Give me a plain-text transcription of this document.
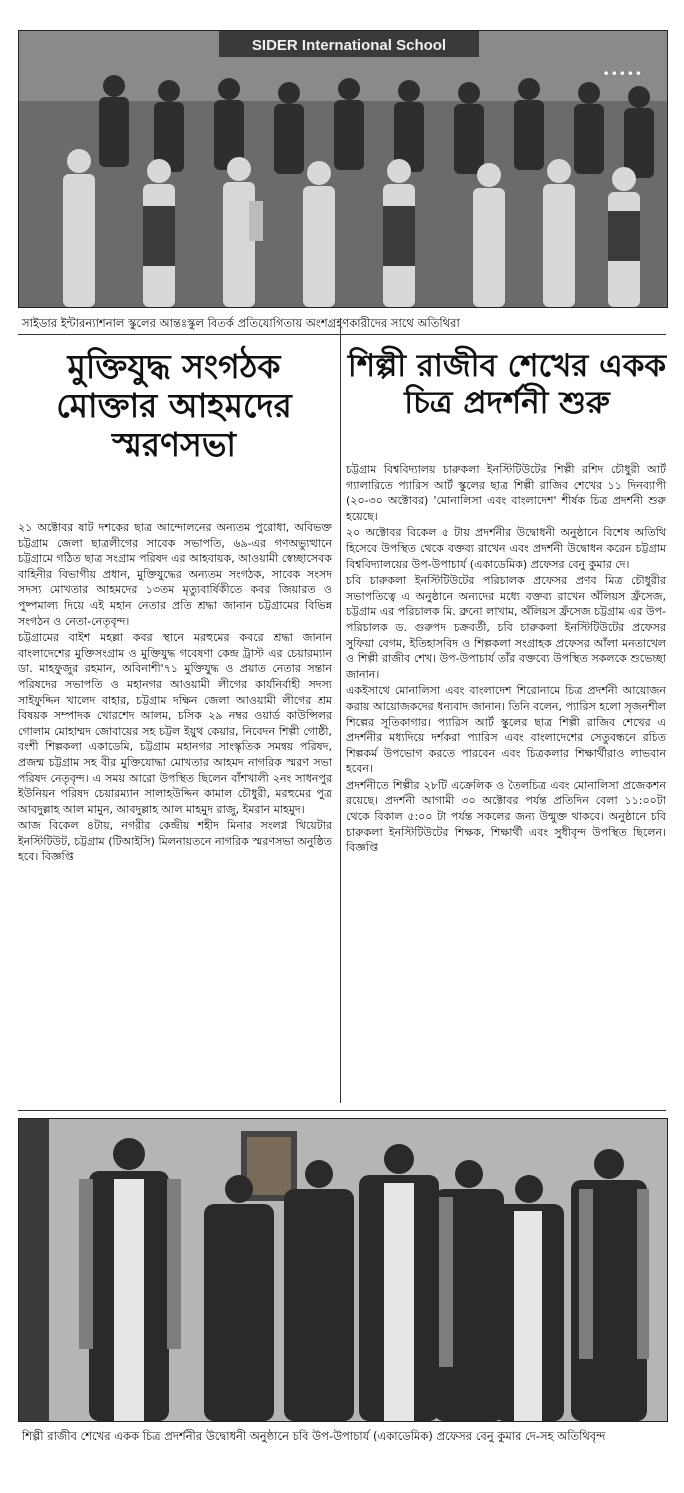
SIDER International School
•••••
সাইডার ইন্টারন্যাশনাল স্কুলের আন্তঃস্কুল বিতর্ক প্রতিযোগিতায় অংশগ্রহণকারীদের সাথে অতিথিরা
মুক্তিযুদ্ধ সংগঠক মোক্তার আহমদের স্মরণসভা

২১ অক্টোবর ষাট দশকের ছাত্র আন্দোলনের অন্যতম পুরোধা, অবিভক্ত চট্টগ্রাম জেলা ছাত্রলীগের সাবেক সভাপতি, ৬৯-এর গণঅভ্যুত্থানে চট্টগ্রামে গঠিত ছাত্র সংগ্রাম পরিষদ এর আহবায়ক, আওয়ামী স্বেচ্ছাসেবক বাহিনীর বিভাগীয় প্রধান, মুক্তিযুদ্ধের অন্যতম সংগঠক, সাবেক সংসদ সদস্য মোখতার আহমদের ১৩তম মৃত্যুবার্ষিকীতে কবর জিয়ারত ও পুষ্পমাল্য দিয়ে এই মহান নেতার প্রতি শ্রদ্ধা জানান চট্টগ্রামের বিভিন্ন সংগঠন ও নেতা-নেতৃবৃন্দ।

চট্টগ্রামের বাইশ মহল্লা কবর স্থানে মরহুমের কবরে শ্রদ্ধা জানান বাংলাদেশের মুক্তিসংগ্রাম ও মুক্তিযুদ্ধ গবেষণা কেন্দ্র ট্রাস্ট এর চেয়ারম্যান ডা. মাহফুজুর রহমান, অবিনাশী'৭১ মুক্তিযুদ্ধ ও প্রয়াত নেতার সন্তান পরিষদের সভাপতি ও মহানগর আওয়ামী লীগের কার্যনির্বাহী সদস্য সাইফুদ্দিন খালেদ বাহার, চট্টগ্রাম দক্ষিন জেলা আওয়ামী লীগের শ্রম বিষয়ক সম্পাদক খোরশেদ আলম, চসিক ২৯ নম্বর ওয়ার্ড কাউন্সিলর গোলাম মোহাম্মদ জোবায়ের সহ চট্টল ইয়ুথ কেয়ার, নিবেদন শিল্পী গোষ্ঠী, বংশী শিল্পকলা একাডেমি, চট্টগ্রাম মহানগর সাংস্কৃতিক সমন্বয় পরিষদ, প্রজন্ম চট্টগ্রাম সহ বীর মুক্তিযোদ্ধা মোখতার আহমদ নাগরিক স্মরণ সভা পরিষদ নেতৃবৃন্দ। এ সময় আরো উপস্থিত ছিলেন বাঁশখালী ২নং সাধনপুর ইউনিয়ন পরিষদ চেয়ারম্যান সালাহউদ্দিন কামাল চৌধুরী, মরহুমের পুত্র আবদুল্লাহ আল মামুন, আবদুল্লাহ আল মাহমুদ রাজু, ইমরান মাহমুদ।

আজ বিকেল ৪টায়, নগরীর কেন্দ্রীয় শহীদ মিনার সংলগ্ন থিয়েটার ইনস্টিটিউট, চট্টগ্রাম (টিআইসি) মিলনায়তনে নাগরিক স্মরণসভা অনুষ্ঠিত হবে। বিজ্ঞপ্তি

শিল্পী রাজীব শেখের একক চিত্র প্রদর্শনী শুরু

চট্টগ্রাম বিশ্ববিদ্যালয় চারুকলা ইনস্টিটিউটের শিল্পী রশিদ চৌধুরী আর্ট গ্যালারিতে প্যারিস আর্ট স্কুলের ছাত্র শিল্পী রাজিব শেখের ১১ দিনব্যাপী (২০-৩০ অক্টোবর) 'মোনালিসা এবং বাংলাদেশ' শীর্ষক চিত্র প্রদর্শনী শুরু হয়েছে।

২০ অক্টোবর বিকেল ৫ টায় প্রদর্শনীর উদ্বোধনী অনুষ্ঠানে বিশেষ অতিথি হিসেবে উপস্থিত থেকে বক্তব্য রাখেন এবং প্রদর্শনী উদ্বোধন করেন চট্টগ্রাম বিশ্ববিদ্যালয়ের উপ-উপাচার্য (একাডেমিক) প্রফেসর বেনু কুমার দে।

চবি চারুকলা ইনস্টিটিউটের পরিচালক প্রফেসর প্রণব মিত্র চৌধুরীর সভাপতিত্বে এ অনুষ্ঠানে অন্যদের মধ্যে বক্তব্য রাখেন অঁলিয়স ফ্রঁসেজ, চট্টগ্রাম এর পরিচালক মি. ব্রুনো লাখাম, অঁলিয়স ফ্রঁসেজ চট্টগ্রাম এর উপ-পরিচালক ড. গুরুপদ চক্রবর্তী, চবি চারুকলা ইনস্টিটিউটের প্রফেসর সুফিয়া বেগম, ইতিহাসবিদ ও শিল্পকলা সংগ্রাহক প্রফেসর আঁলা মনতাখেল ও শিল্পী রাজীব শেখ। উপ-উপাচার্য তাঁর বক্তব্যে উপস্থিত সকলকে শুভেচ্ছা জানান।

একইসাথে মোনালিসা এবং বাংলাদেশ শিরোনামে চিত্র প্রদর্শনী আয়োজন করায় আয়োজকদের ধন্যবাদ জানান। তিনি বলেন, প্যারিস হলো সৃজনশীল শিল্পের সূতিকাগার। প্যারিস আর্ট স্কুলের ছাত্র শিল্পী রাজিব শেখের এ প্রদর্শনীর মধ্যদিয়ে দর্শকরা প্যারিস এবং বাংলাদেশের সেতুবন্ধনে রচিত শিল্পকর্ম উপভোগ করতে পারবেন এবং চিত্রকলার শিক্ষার্থীরাও লাভবান হবেন।

প্রদর্শনীতে শিল্পীর ২৮টি এক্রেলিক ও তৈলচিত্র এবং মোনালিসা প্রজেকশন রয়েছে। প্রদর্শনী আগামী ৩০ অক্টোবর পর্যন্ত প্রতিদিন বেলা ১১:০০টা থেকে বিকাল ৫:০০ টা পর্যন্ত সকলের জন্য উন্মুক্ত থাকবে। অনুষ্ঠানে চবি চারুকলা ইনস্টিটিউটের শিক্ষক, শিক্ষার্থী এবং সুধীবৃন্দ উপস্থিত ছিলেন। বিজ্ঞপ্তি

শিল্পী রাজীব শেখের একক চিত্র প্রদর্শনীর উদ্বোধনী অনুষ্ঠানে চবি উপ-উপাচার্য (একাডেমিক) প্রফেসর বেনু কুমার দে-সহ অতিথিবৃন্দ
